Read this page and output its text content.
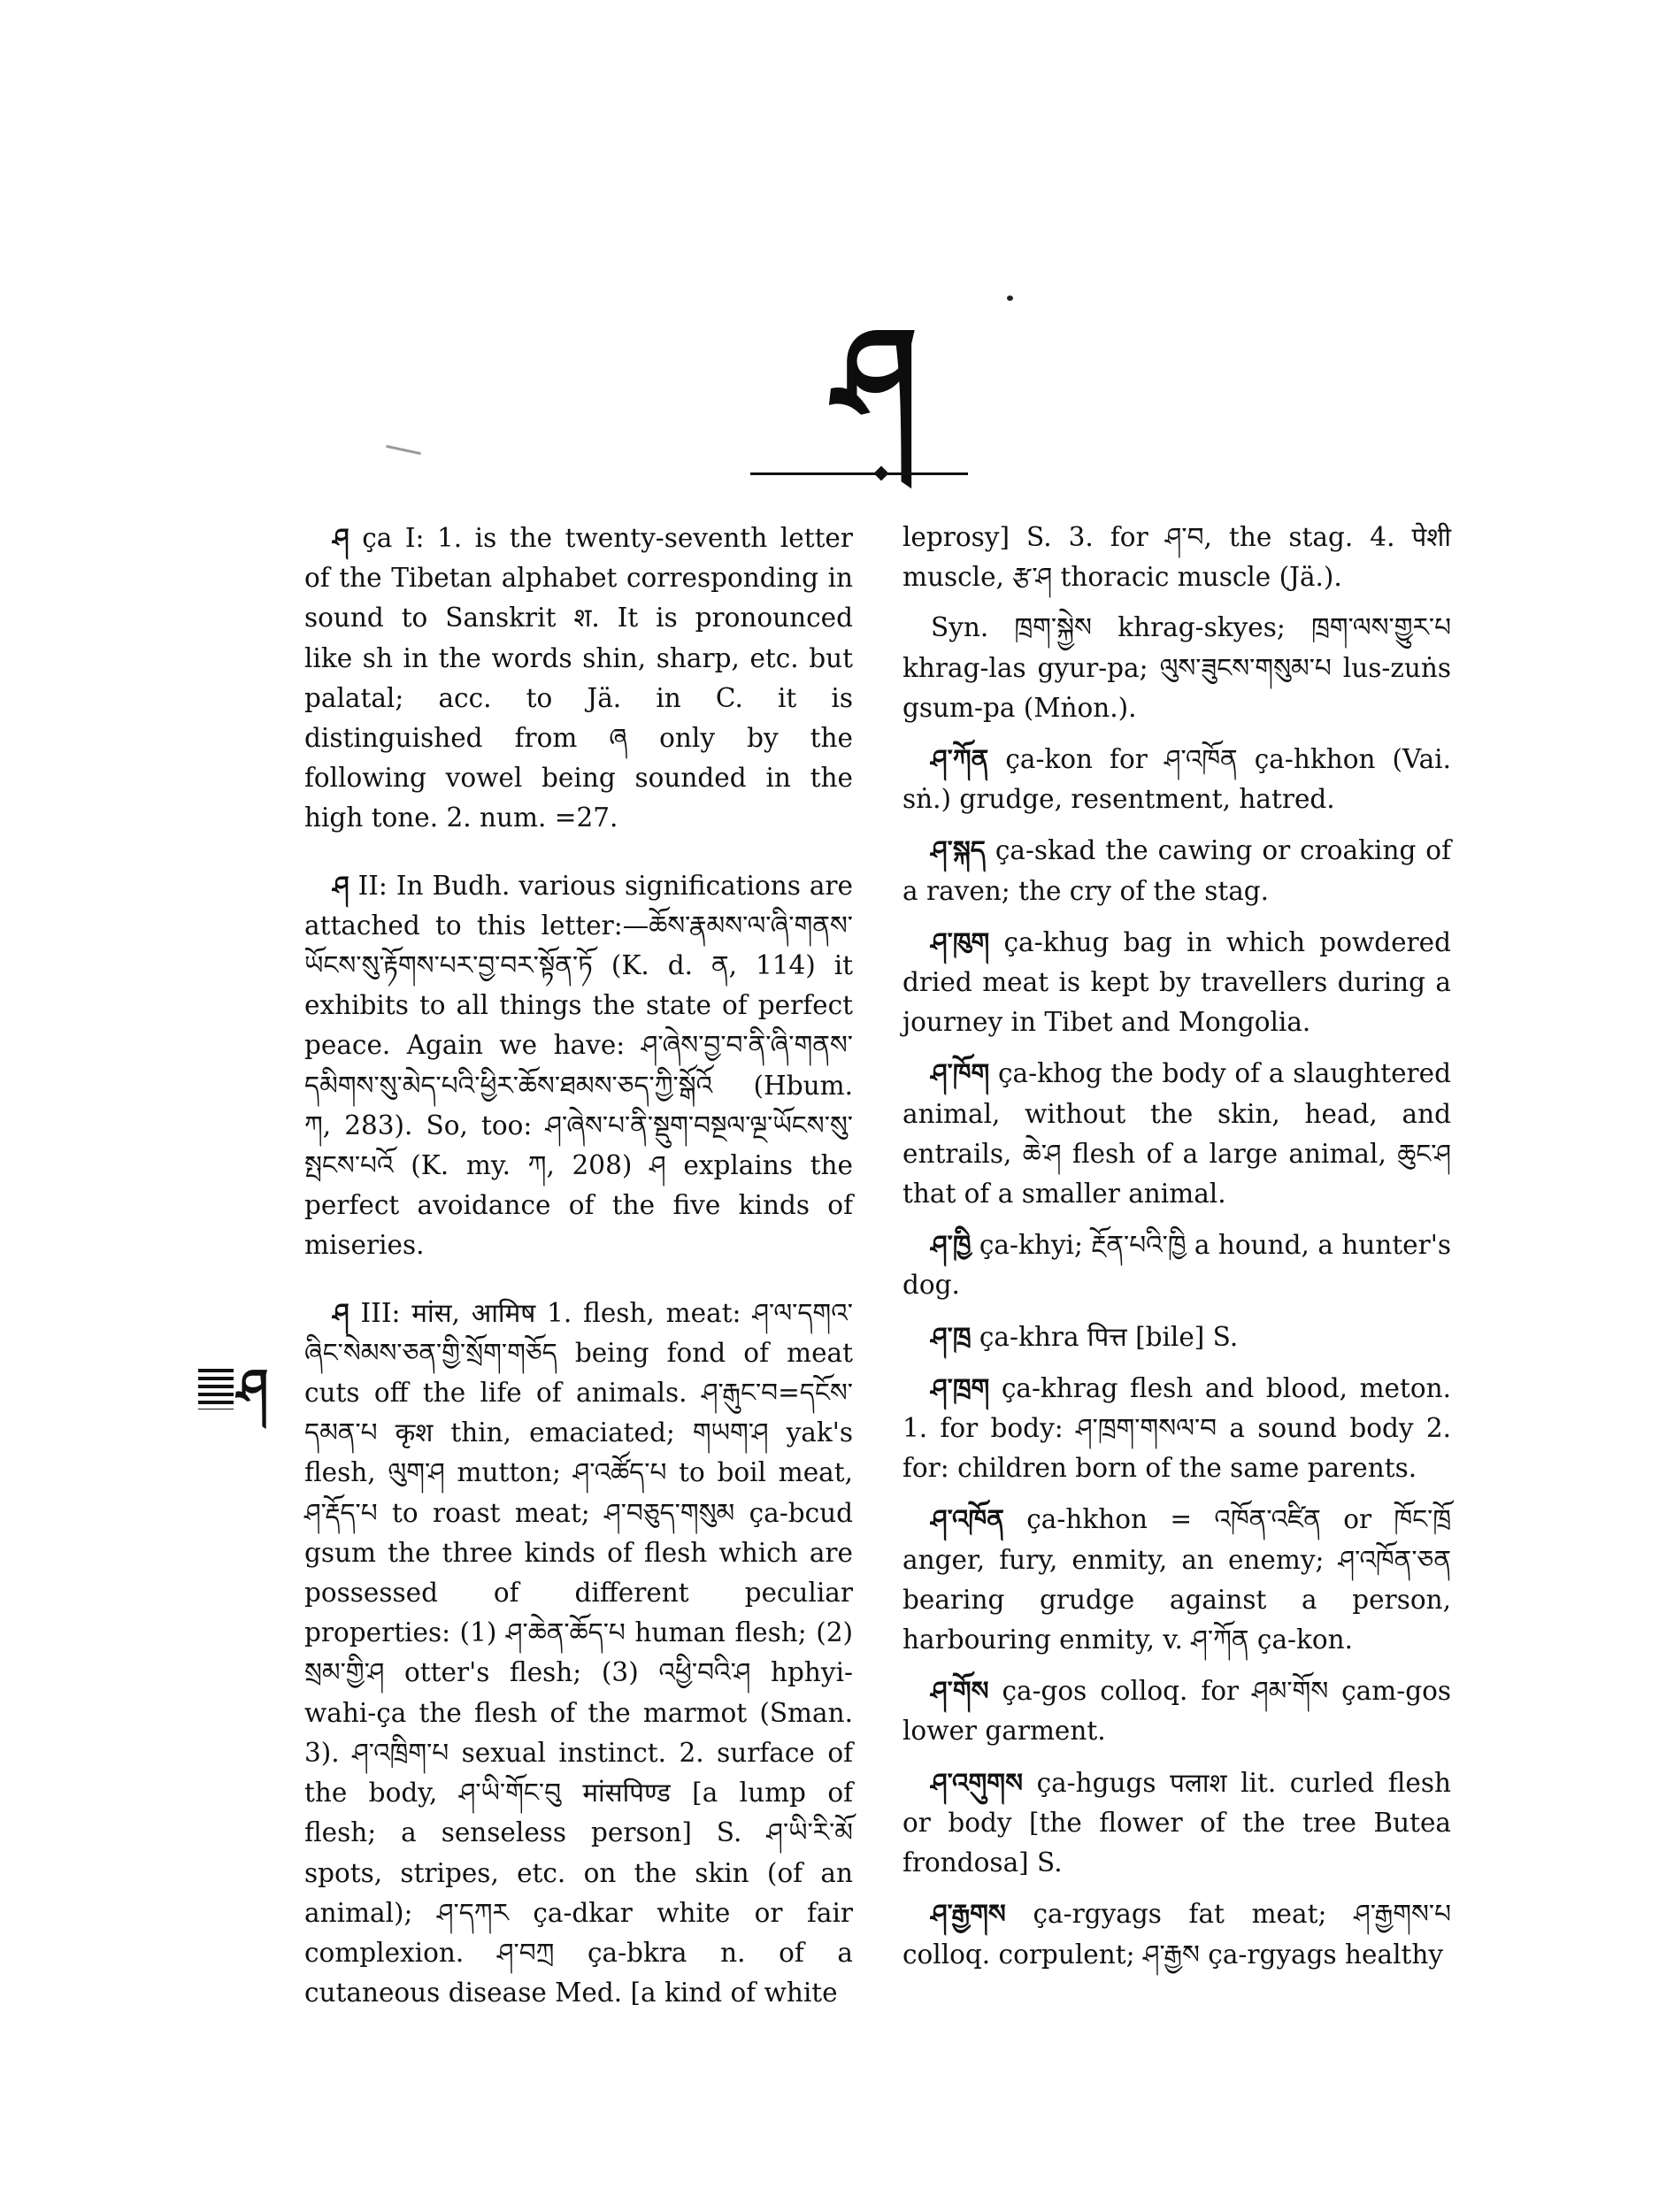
ཤ

ཤ ça I: 1. is the twenty-seventh letter of the Tibetan alphabet corresponding in sound to Sanskrit श. It is pronounced like sh in the words shin, sharp, etc. but palatal; acc. to Jä. in C. it is distinguished from ཞ only by the following vowel being sounded in the high tone. 2. num. =27.

ཤ II: In Budh. various significations are attached to this letter:—ཆོས་རྣམས་ལ་ཞི་གནས་ཡོངས་སུ་རྟོགས་པར་བྱ་བར་སྟོན་ཏོ (K. d. ན, 114) it exhibits to all things the state of perfect peace. Again we have: ཤ་ཞེས་བྱ་བ་ནི་ཞི་གནས་དམིགས་སུ་མེད་པའི་ཕྱིར་ཆོས་ཐམས་ཅད་ཀྱི་སྒོའོ (Hbum. ཀ, 283). So, too: ཤ་ཞེས་པ་ནི་སྡུག་བསྔལ་ལྔ་ཡོངས་སུ་སྤངས་པའོ (K. my. ཀ, 208) ཤ explains the perfect avoidance of the five kinds of miseries.

ཤ III: मांस, आमिष 1. flesh, meat: ཤ་ལ་དགའ་ཞིང་སེམས་ཅན་གྱི་སྲོག་གཅོད being fond of meat cuts off the life of animals. ཤ་རྒུང་བ=དངོས་དམན་པ कृश thin, emaciated; གཡག་ཤ yak's flesh, ལུག་ཤ mutton; ཤ་འཚོད་པ to boil meat, ཤ་རྡོད་པ to roast meat; ཤ་བཅུད་གསུམ ça-bcud gsum the three kinds of flesh which are possessed of different peculiar properties: (1) ཤ་ཆེན་ཆོད་པ human flesh; (2) སྲམ་གྱི་ཤ otter's flesh; (3) འཕྱི་བའི་ཤ hphyi-wahi-ça the flesh of the marmot (Sman. 3). ཤ་འཁྲིག་པ sexual instinct. 2. surface of the body, ཤ་ཡི་གོང་བུ मांसपिण्ड [a lump of flesh; a senseless person] S. ཤ་ཡི་རི་མོ spots, stripes, etc. on the skin (of an animal); ཤ་དཀར ça-dkar white or fair complexion. ཤ་བཀྲ ça-bkra n. of a cutaneous disease Med. [a kind of white

leprosy] S. 3. for ཤ་བ, the stag. 4. पेशी muscle, རྩ་ཤ thoracic muscle (Jä.).

Syn. ཁྲག་སྐྱེས khrag-skyes; ཁྲག་ལས་གྱུར་པ khrag-las gyur-pa; ལུས་ཟུངས་གསུམ་པ lus-zuṅs gsum-pa (Mṅon.).

ཤ་ཀོན ça-kon for ཤ་འཁོན ça-hkhon (Vai. sṅ.) grudge, resentment, hatred.

ཤ་སྐད ça-skad the cawing or croaking of a raven; the cry of the stag.

ཤ་ཁུག ça-khug bag in which powdered dried meat is kept by travellers during a journey in Tibet and Mongolia.

ཤ་ཁོག ça-khog the body of a slaughtered animal, without the skin, head, and entrails, ཆེ་ཤ flesh of a large animal, ཆུང་ཤ that of a smaller animal.

ཤ་ཁྱི ça-khyi; རྔོན་པའི་ཁྱི a hound, a hunter's dog.

ཤ་ཁྲ ça-khra पित्त [bile] S.

ཤ་ཁྲག ça-khrag flesh and blood, meton. 1. for body: ཤ་ཁྲག་གསལ་བ a sound body 2. for: children born of the same parents.

ཤ་འཁོན ça-hkhon = འཁོན་འཛིན or ཁོང་ཁྲོ anger, fury, enmity, an enemy; ཤ་འཁོན་ཅན bearing grudge against a person, harbouring enmity, v. ཤ་ཀོན ça-kon.

ཤ་གོས ça-gos colloq. for ཤམ་གོས çam-gos lower garment.

ཤ་འགུགས ça-hgugs पलाश lit. curled flesh or body [the flower of the tree Butea frondosa] S.

ཤ་རྒྱགས ça-rgyags fat meat; ཤ་རྒྱགས་པ colloq. corpulent; ཤ་རྒྱས ça-rgyags healthy

ཤ
